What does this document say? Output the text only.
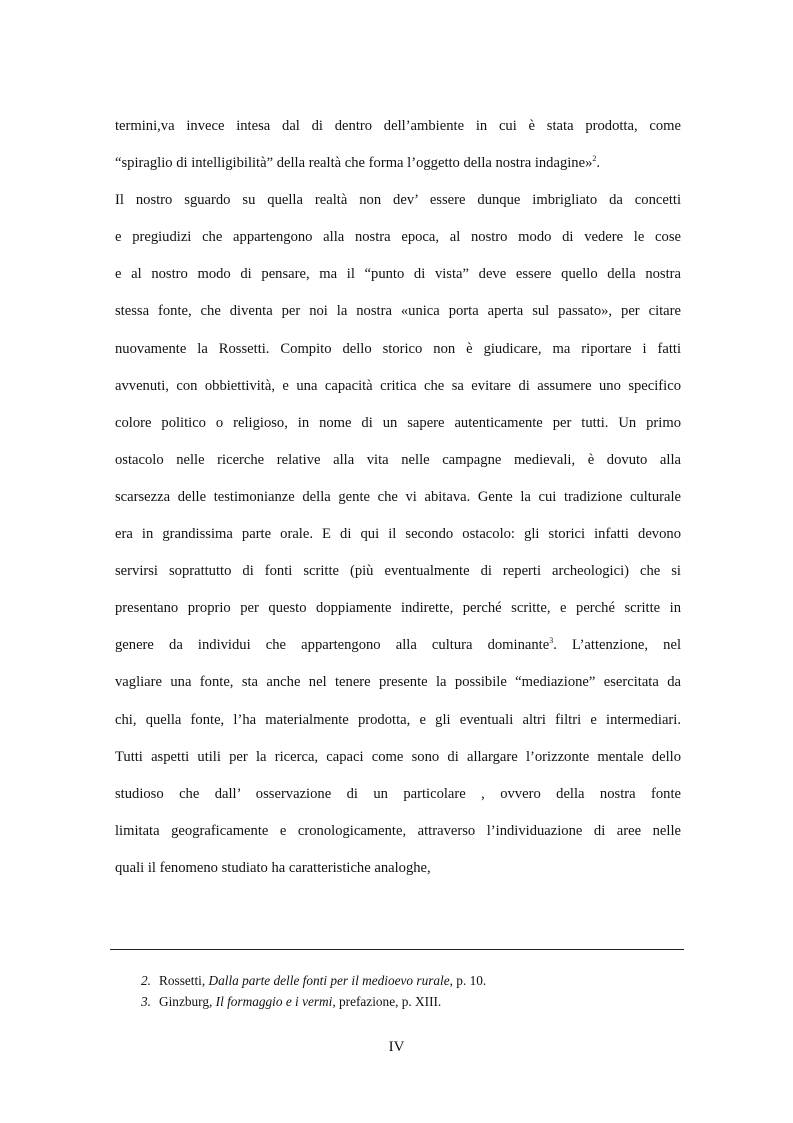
termini,va invece intesa dal di dentro dell’ambiente in cui è stata prodotta, come
“spiraglio di intelligibilità” della realtà che forma l’oggetto della nostra indagine»$^2$.
Il nostro sguardo su quella realtà non dev’ essere dunque imbrigliato da concetti
e pregiudizi che appartengono alla nostra epoca, al nostro modo di vedere le cose
e al nostro modo di pensare, ma il “punto di vista” deve essere quello della nostra
stessa fonte, che diventa per noi la nostra «unica porta aperta sul passato», per citare
nuovamente la Rossetti. Compito dello storico non è giudicare, ma riportare i fatti
avvenuti, con obbiettività, e una capacità critica che sa evitare di assumere uno specifico
colore politico o religioso, in nome di un sapere autenticamente per tutti. Un primo
ostacolo nelle ricerche relative alla vita nelle campagne medievali, è dovuto alla
scarsezza delle testimonianze della gente che vi abitava. Gente la cui tradizione culturale
era in grandissima parte orale. E di qui il secondo ostacolo: gli storici infatti devono
servirsi soprattutto di fonti scritte (più eventualmente di reperti archeologici) che si
presentano proprio per questo doppiamente indirette, perché scritte, e perché scritte in
genere da individui che appartengono alla cultura dominante$^3$. L’attenzione, nel
vagliare una fonte, sta anche nel tenere presente la possibile “mediazione” esercitata da
chi, quella fonte, l’ha materialmente prodotta, e gli eventuali altri filtri e intermediari.
Tutti aspetti utili per la ricerca, capaci come sono di allargare l’orizzonte mentale dello
studioso che dall’ osservazione di un particolare , ovvero della nostra fonte
limitata geograficamente e cronologicamente, attraverso l’individuazione di aree nelle
quali il fenomeno studiato ha caratteristiche analoghe,
2. Rossetti, Dalla parte delle fonti per il medioevo rurale, p. 10.
3. Ginzburg, Il formaggio e i vermi, prefazione, p. XIII.
IV
